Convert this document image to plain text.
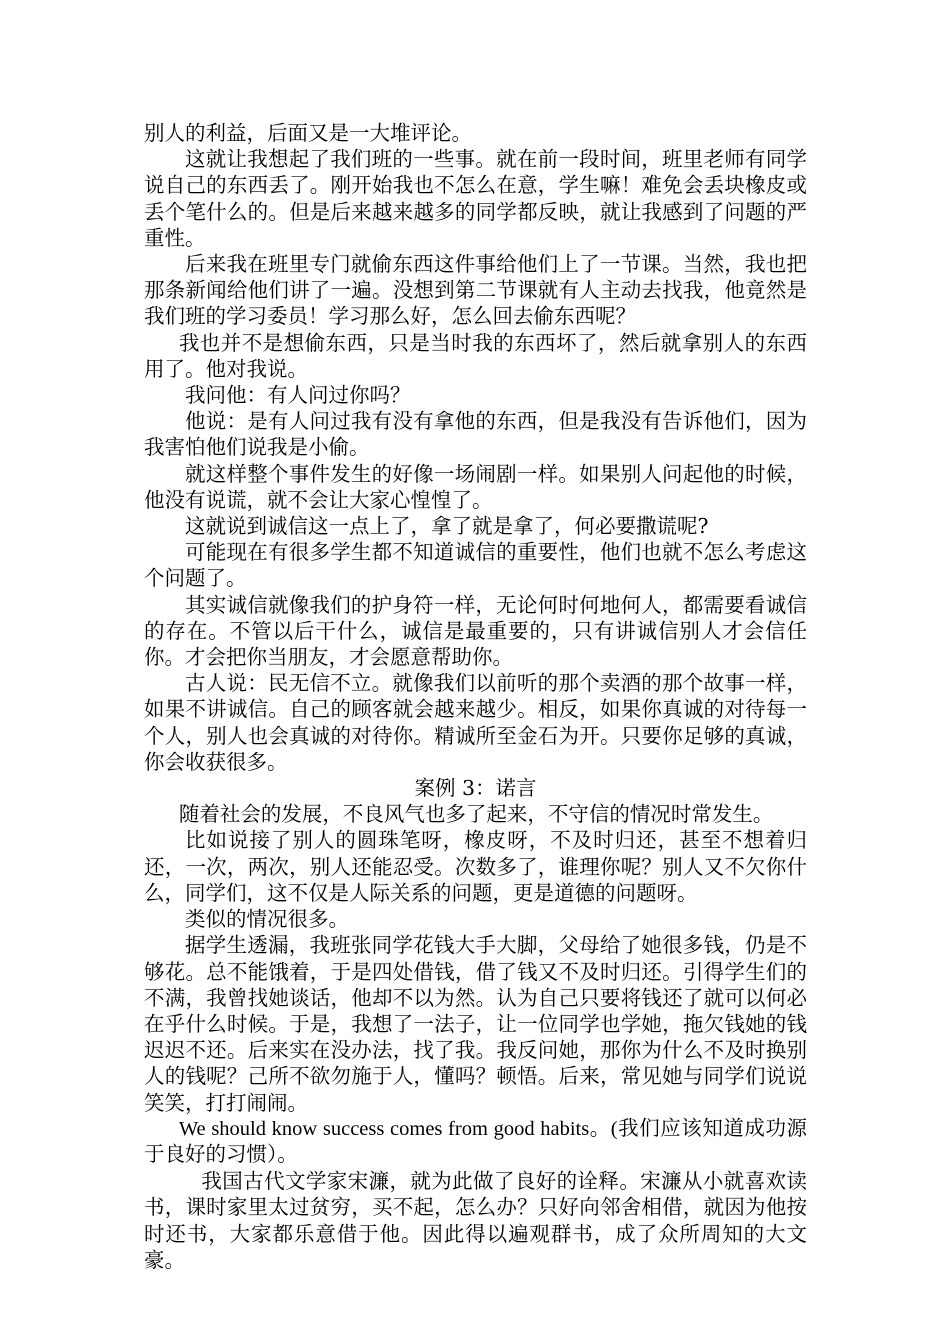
别人的利益，后面又是一大堆评论。

这就让我想起了我们班的一些事。就在前一段时间，班里老师有同学说自己的东西丢了。刚开始我也不怎么在意，学生嘛！难免会丢块橡皮或丢个笔什么的。但是后来越来越多的同学都反映，就让我感到了问题的严重性。

后来我在班里专门就偷东西这件事给他们上了一节课。当然，我也把那条新闻给他们讲了一遍。没想到第二节课就有人主动去找我，他竟然是我们班的学习委员！学习那么好，怎么回去偷东西呢？

我也并不是想偷东西，只是当时我的东西坏了，然后就拿别人的东西用了。他对我说。

我问他：有人问过你吗？

他说：是有人问过我有没有拿他的东西，但是我没有告诉他们，因为我害怕他们说我是小偷。

就这样整个事件发生的好像一场闹剧一样。如果别人问起他的时候，他没有说谎，就不会让大家心惶惶了。

这就说到诚信这一点上了，拿了就是拿了，何必要撒谎呢?

可能现在有很多学生都不知道诚信的重要性，他们也就不怎么考虑这个问题了。

其实诚信就像我们的护身符一样，无论何时何地何人，都需要看诚信的存在。不管以后干什么，诚信是最重要的，只有讲诚信别人才会信任你。才会把你当朋友，才会愿意帮助你。

古人说：民无信不立。就像我们以前听的那个卖酒的那个故事一样，如果不讲诚信。自己的顾客就会越来越少。相反，如果你真诚的对待每一个人，别人也会真诚的对待你。精诚所至金石为开。只要你足够的真诚，你会收获很多。

案例 3：诺言

随着社会的发展，不良风气也多了起来，不守信的情况时常发生。

比如说接了别人的圆珠笔呀，橡皮呀，不及时归还，甚至不想着归还，一次，两次，别人还能忍受。次数多了，谁理你呢？别人又不欠你什么，同学们，这不仅是人际关系的问题，更是道德的问题呀。

类似的情况很多。

据学生透漏，我班张同学花钱大手大脚，父母给了她很多钱，仍是不够花。总不能饿着，于是四处借钱，借了钱又不及时归还。引得学生们的不满，我曾找她谈话，他却不以为然。认为自己只要将钱还了就可以何必在乎什么时候。于是，我想了一法子，让一位同学也学她，拖欠钱她的钱迟迟不还。后来实在没办法，找了我。我反问她，那你为什么不及时换别人的钱呢？己所不欲勿施于人，懂吗？顿悟。后来，常见她与同学们说说笑笑，打打闹闹。

We should know success comes from good habits。(我们应该知道成功源于良好的习惯）。

我国古代文学家宋濂，就为此做了良好的诠释。宋濂从小就喜欢读书，课时家里太过贫穷，买不起，怎么办？只好向邻舍相借，就因为他按时还书，大家都乐意借于他。因此得以遍观群书，成了众所周知的大文豪。
